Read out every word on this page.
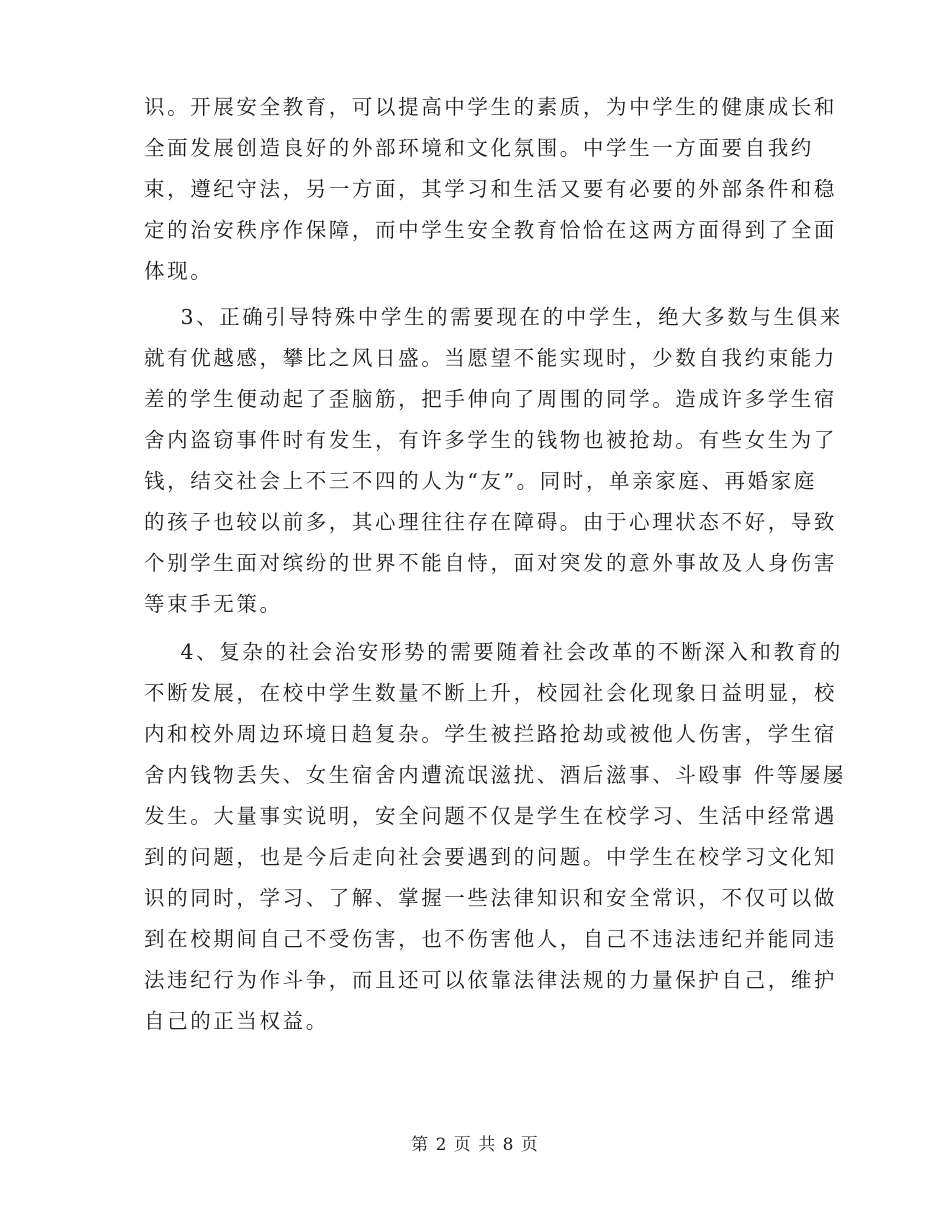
识。开展安全教育，可以提高中学生的素质，为中学生的健康成长和
全面发展创造良好的外部环境和文化氛围。中学生一方面要自我约
束，遵纪守法，另一方面，其学习和生活又要有必要的外部条件和稳
定的治安秩序作保障，而中学生安全教育恰恰在这两方面得到了全面
体现。
3、正确引导特殊中学生的需要现在的中学生，绝大多数与生俱来
就有优越感，攀比之风日盛。当愿望不能实现时，少数自我约束能力
差的学生便动起了歪脑筋，把手伸向了周围的同学。造成许多学生宿
舍内盗窃事件时有发生，有许多学生的钱物也被抢劫。有些女生为了
钱，结交社会上不三不四的人为“友”。同时，单亲家庭、再婚家庭
的孩子也较以前多，其心理往往存在障碍。由于心理状态不好，导致
个别学生面对缤纷的世界不能自恃，面对突发的意外事故及人身伤害
等束手无策。
4、复杂的社会治安形势的需要随着社会改革的不断深入和教育的
不断发展，在校中学生数量不断上升，校园社会化现象日益明显，校
内和校外周边环境日趋复杂。学生被拦路抢劫或被他人伤害，学生宿
舍内钱物丢失、女生宿舍内遭流氓滋扰、酒后滋事、斗殴事 件等屡屡
发生。大量事实说明，安全问题不仅是学生在校学习、生活中经常遇
到的问题，也是今后走向社会要遇到的问题。中学生在校学习文化知
识的同时，学习、了解、掌握一些法律知识和安全常识，不仅可以做
到在校期间自己不受伤害，也不伤害他人，自己不违法违纪并能同违
法违纪行为作斗争，而且还可以依靠法律法规的力量保护自己，维护
自己的正当权益。
第 2 页 共 8 页
